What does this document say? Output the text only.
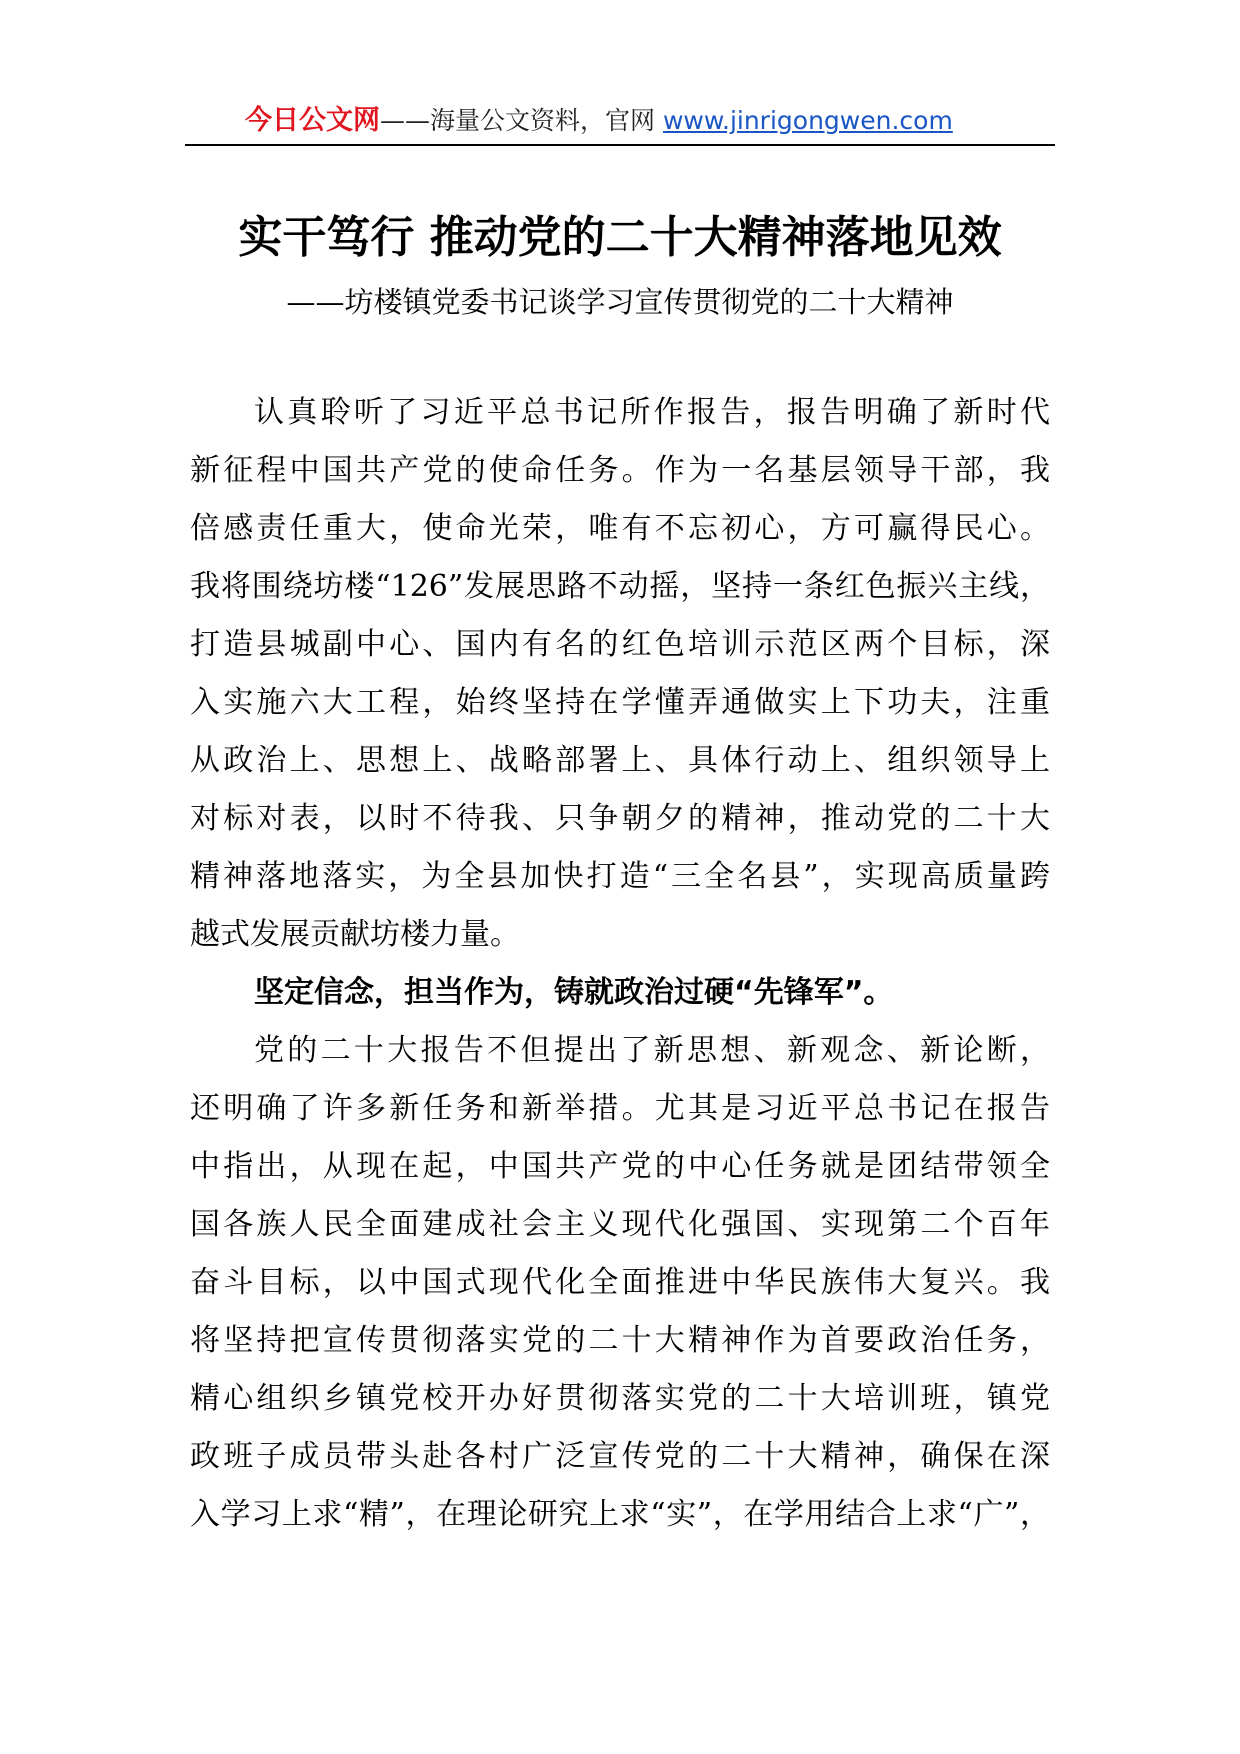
今日公文网——海量公文资料，官网 www.jinrigongwen.com
实干笃行 推动党的二十大精神落地见效
——坊楼镇党委书记谈学习宣传贯彻党的二十大精神
认真聆听了习近平总书记所作报告，报告明确了新时代
新征程中国共产党的使命任务。作为一名基层领导干部，我
倍感责任重大，使命光荣，唯有不忘初心，方可赢得民心。
我将围绕坊楼“126”发展思路不动摇，坚持一条红色振兴主线，
打造县城副中心、国内有名的红色培训示范区两个目标，深
入实施六大工程，始终坚持在学懂弄通做实上下功夫，注重
从政治上、思想上、战略部署上、具体行动上、组织领导上
对标对表，以时不待我、只争朝夕的精神，推动党的二十大
精神落地落实，为全县加快打造“三全名县”，实现高质量跨
越式发展贡献坊楼力量。
坚定信念，担当作为，铸就政治过硬“先锋军”。
党的二十大报告不但提出了新思想、新观念、新论断，
还明确了许多新任务和新举措。尤其是习近平总书记在报告
中指出，从现在起，中国共产党的中心任务就是团结带领全
国各族人民全面建成社会主义现代化强国、实现第二个百年
奋斗目标，以中国式现代化全面推进中华民族伟大复兴。我
将坚持把宣传贯彻落实党的二十大精神作为首要政治任务，
精心组织乡镇党校开办好贯彻落实党的二十大培训班，镇党
政班子成员带头赴各村广泛宣传党的二十大精神，确保在深
入学习上求“精”，在理论研究上求“实”，在学用结合上求“广”，
